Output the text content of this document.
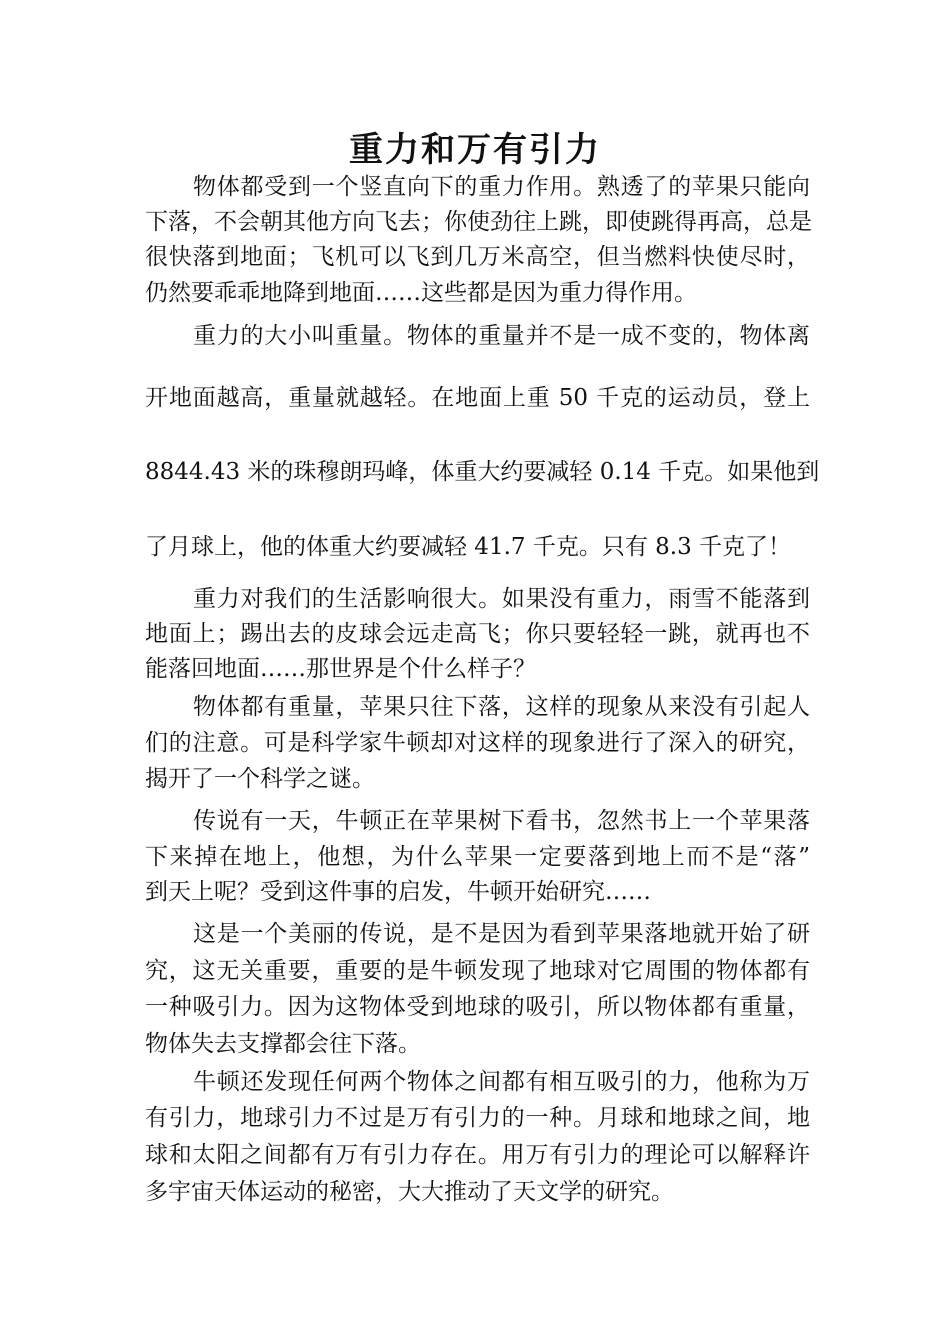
重力和万有引力

物体都受到一个竖直向下的重力作用。熟透了的苹果只能向

下落，不会朝其他方向飞去；你使劲往上跳，即使跳得再高，总是

很快落到地面；飞机可以飞到几万米高空，但当燃料快使尽时，

仍然要乖乖地降到地面……这些都是因为重力得作用。

重力的大小叫重量。物体的重量并不是一成不变的，物体离

开地面越高，重量就越轻。在地面上重 50 千克的运动员，登上

8844.43 米的珠穆朗玛峰，体重大约要减轻 0.14 千克。如果他到

了月球上，他的体重大约要减轻 41.7 千克。只有 8.3 千克了！

重力对我们的生活影响很大。如果没有重力，雨雪不能落到

地面上；踢出去的皮球会远走高飞；你只要轻轻一跳，就再也不

能落回地面……那世界是个什么样子？

物体都有重量，苹果只往下落，这样的现象从来没有引起人

们的注意。可是科学家牛顿却对这样的现象进行了深入的研究，

揭开了一个科学之谜。

传说有一天，牛顿正在苹果树下看书，忽然书上一个苹果落

下来掉在地上，他想，为什么苹果一定要落到地上而不是“落”

到天上呢？受到这件事的启发，牛顿开始研究……

这是一个美丽的传说，是不是因为看到苹果落地就开始了研

究，这无关重要，重要的是牛顿发现了地球对它周围的物体都有

一种吸引力。因为这物体受到地球的吸引，所以物体都有重量，

物体失去支撑都会往下落。

牛顿还发现任何两个物体之间都有相互吸引的力，他称为万

有引力，地球引力不过是万有引力的一种。月球和地球之间，地

球和太阳之间都有万有引力存在。用万有引力的理论可以解释许

多宇宙天体运动的秘密，大大推动了天文学的研究。
